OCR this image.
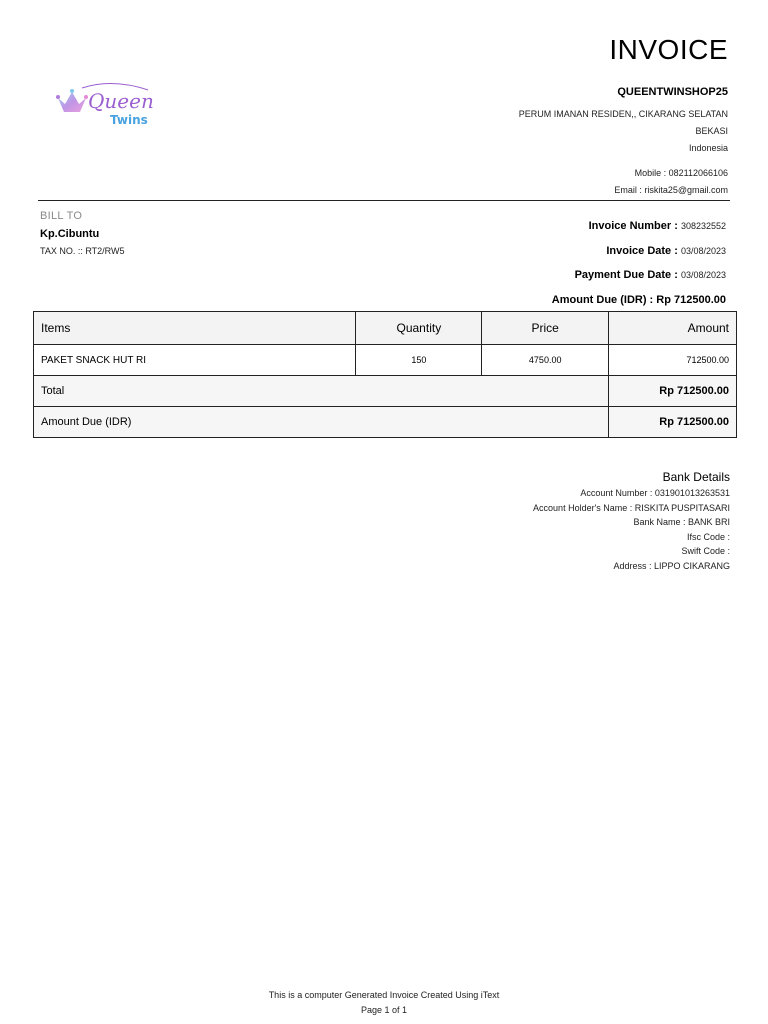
INVOICE
Queen
Twins
QUEENTWINSHOP25
PERUM IMANAN RESIDEN,, CIKARANG SELATAN
BEKASI
Indonesia
Mobile : 082112066106
Email : riskita25@gmail.com
BILL TO
Kp.Cibuntu
TAX NO. :: RT2/RW5
Invoice Number : 308232552
Invoice Date : 03/08/2023
Payment Due Date : 03/08/2023
Amount Due (IDR) : Rp 712500.00
Items	Quantity	Price	Amount
PAKET SNACK HUT RI	150	4750.00	712500.00
Total			Rp 712500.00
Amount Due (IDR)			Rp 712500.00
Bank Details
Account Number : 031901013263531
Account Holder's Name : RISKITA PUSPITASARI
Bank Name : BANK BRI
Ifsc Code :
Swift Code :
Address : LIPPO CIKARANG
This is a computer Generated Invoice Created Using iText
Page 1 of 1
